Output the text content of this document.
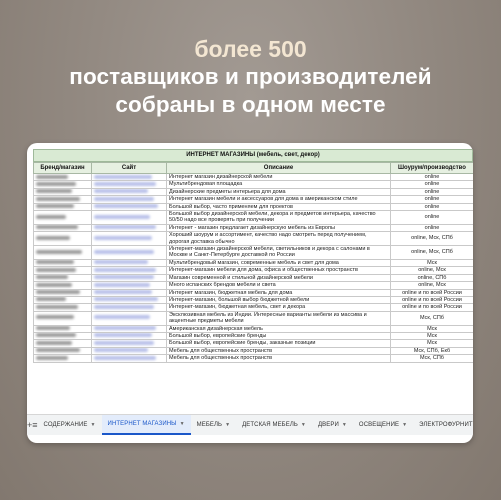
более 500
поставщиков и производителей
собраны в одном месте
ИНТЕРНЕТ МАГАЗИНЫ (мебель, свет, декор)
Бренд/магазин	Сайт	Описание	Шоурум/производство
		Интернет магазин дизайнерской мебели	online
		Мультибрендовая площадка	online
		Дизайнерские предметы интерьера для дома	online
		Интернет магазин мебели и аксессуаров для дома в американском стиле	online
		Большой выбор, часто применяем для проектов	online
		Большой выбор дизайнерской мебели, декора и предметов интерьера, качество 50/50 надо все проверять при получении	online
		Интернет - магазин предлагает дизайнерскую мебель из Европы	online
		Хороший шоурум и ассортимент, качество надо смотреть перед получением, дорогая доставка обычно	online, Мск, СПб
		Интернет-магазин дизайнерской мебели, светильников и декора с салонами в Москве и Санкт-Петербурге доставкой по России	online, Мск, СПб
		Мультибрендовый магазин, современные мебель и свет для дома	Мск
		Интернет-магазин мебели для дома, офиса и общественных пространств	online, Мск
		Магазин современной и стильной дизайнерской мебели	online, СПб
		Много испанских брендов мебели и света	online, Мск
		Интернет магазин, бюджетная мебель для дома	online и по всей России
		Интернет-магазин, большой выбор бюджетной мебели	online и по всей России
		Интернет-магазин, бюджетная мебель, свет и декора	online и по всей России
		Эксклюзивная мебель из Индии. Интересные варианты мебели из массива и акцентные предметы мебели	Мск, СПб
		Американская дизайнерская мебель	Мск
		Большой выбор, европейские бренды	Мск
		Большой выбор, европейские бренды, заказные позиции	Мск
		Мебель для общественных пространств	Мск, СПб, Екб
		Мебель для общественных пространств	Мск, СПб
+ ≡	СОДЕРЖАНИЕ ▼	ИНТЕРНЕТ МАГАЗИНЫ ▼	МЕБЕЛЬ ▼	ДЕТСКАЯ МЕБЕЛЬ ▼	ДВЕРИ ▼	ОСВЕЩЕНИЕ ▼	ЭЛЕКТРОФУРНИТ
